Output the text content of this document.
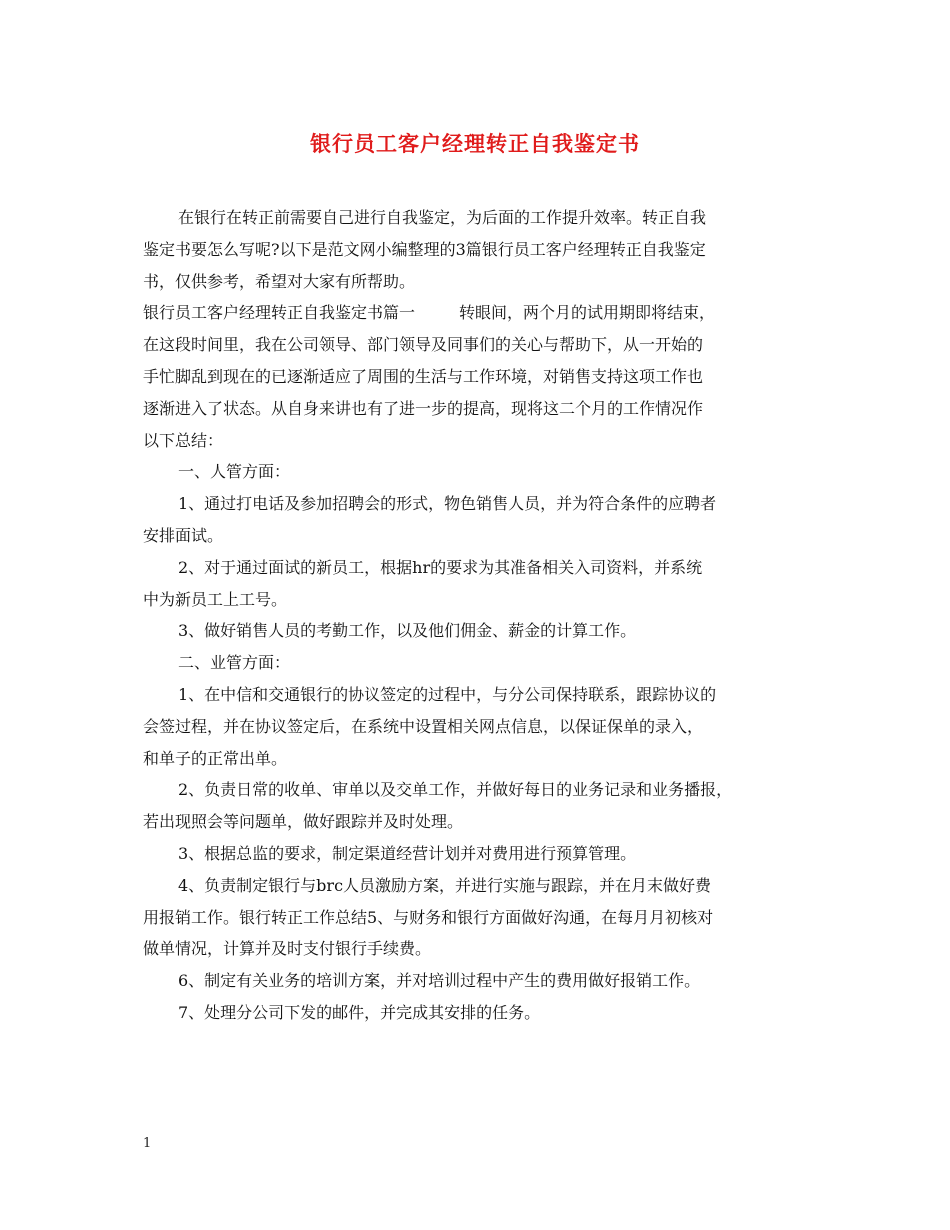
银行员工客户经理转正自我鉴定书
在银行在转正前需要自己进行自我鉴定，为后面的工作提升效率。转正自我
鉴定书要怎么写呢?以下是范文网小编整理的3篇银行员工客户经理转正自我鉴定
书，仅供参考，希望对大家有所帮助。
银行员工客户经理转正自我鉴定书篇一	转眼间，两个月的试用期即将结束，
在这段时间里，我在公司领导、部门领导及同事们的关心与帮助下，从一开始的
手忙脚乱到现在的已逐渐适应了周围的生活与工作环境，对销售支持这项工作也
逐渐进入了状态。从自身来讲也有了进一步的提高，现将这二个月的工作情况作
以下总结：
一、人管方面：
1、通过打电话及参加招聘会的形式，物色销售人员，并为符合条件的应聘者
安排面试。
2、对于通过面试的新员工，根据hr的要求为其准备相关入司资料，并系统
中为新员工上工号。
3、做好销售人员的考勤工作，以及他们佣金、薪金的计算工作。
二、业管方面：
1、在中信和交通银行的协议签定的过程中，与分公司保持联系，跟踪协议的
会签过程，并在协议签定后，在系统中设置相关网点信息，以保证保单的录入，
和单子的正常出单。
2、负责日常的收单、审单以及交单工作，并做好每日的业务记录和业务播报，
若出现照会等问题单，做好跟踪并及时处理。
3、根据总监的要求，制定渠道经营计划并对费用进行预算管理。
4、负责制定银行与brc人员激励方案，并进行实施与跟踪，并在月末做好费
用报销工作。银行转正工作总结5、与财务和银行方面做好沟通，在每月月初核对
做单情况，计算并及时支付银行手续费。
6、制定有关业务的培训方案，并对培训过程中产生的费用做好报销工作。
7、处理分公司下发的邮件，并完成其安排的任务。
1
